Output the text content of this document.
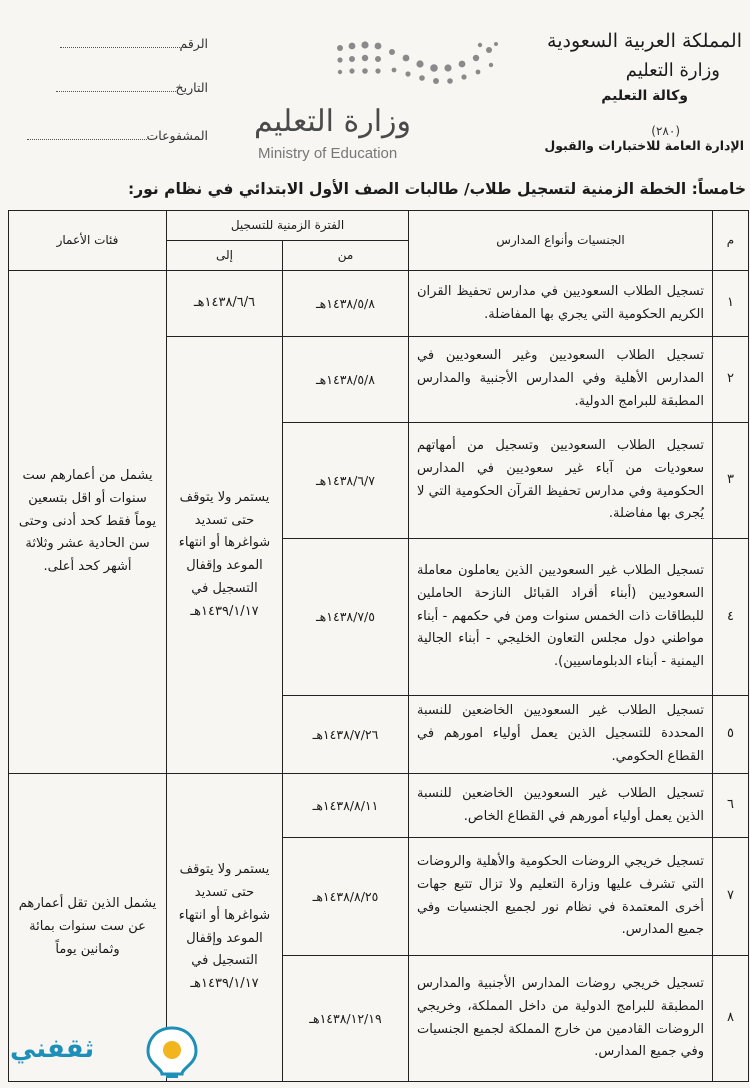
المملكة العربية السعودية
وزارة التعليم
وكالة التعليم
(٢٨٠)
الإدارة العامة للاختبارات والقبول
وزارة التعليم
Ministry of Education
الرقم
التاريخ
المشفوعات
خامساً: الخطة الزمنية لتسجيل طلاب/ طالبات الصف الأول الابتدائي في نظام نور:
م	الجنسيات وأنواع المدارس	الفترة الزمنية للتسجيل		فئات الأعمار
		من	إلى	
١	تسجيل الطلاب السعوديين في مدارس تحفيظ القران الكريم الحكومية التي يجري بها المفاضلة.	١٤٣٨/٥/٨هـ	١٤٣٨/٦/٦هـ	يشمل من أعمارهم ست سنوات أو اقل بتسعين يوماً فقط كحد أدنى وحتى سن الحادية عشر وثلاثة أشهر كحد أعلى.
٢	تسجيل الطلاب السعوديين وغير السعوديين في المدارس الأهلية وفي المدارس الأجنبية والمدارس المطبقة للبرامج الدولية.	١٤٣٨/٥/٨هـ	يستمر ولا يتوقف حتى تسديد شواغرها أو انتهاء الموعد وإقفال التسجيل في ١٤٣٩/١/١٧هـ	
٣	تسجيل الطلاب السعوديين وتسجيل من أمهاتهم سعوديات من آباء غير سعوديين في المدارس الحكومية وفي مدارس تحفيظ القرآن الحكومية التي لا يُجرى بها مفاضلة.	١٤٣٨/٦/٧هـ		
٤	تسجيل الطلاب غير السعوديين الذين يعاملون معاملة السعوديين (أبناء أفراد القبائل النازحة الحاملين للبطاقات ذات الخمس سنوات ومن في حكمهم - أبناء مواطني دول مجلس التعاون الخليجي - أبناء الجالية اليمنية - أبناء الدبلوماسيين).	١٤٣٨/٧/٥هـ		
٥	تسجيل الطلاب غير السعوديين الخاضعين للنسبة المحددة للتسجيل الذين يعمل أولياء امورهم في القطاع الحكومي.	١٤٣٨/٧/٢٦هـ		
٦	تسجيل الطلاب غير السعوديين الخاضعين للنسبة الذين يعمل أولياء أمورهم في القطاع الخاص.	١٤٣٨/٨/١١هـ	يستمر ولا يتوقف حتى تسديد شواغرها أو انتهاء الموعد وإقفال التسجيل في ١٤٣٩/١/١٧هـ	يشمل الذين تقل أعمارهم عن ست سنوات بمائة وثمانين يوماً
٧	تسجيل خريجي الروضات الحكومية والأهلية والروضات التي تشرف عليها وزارة التعليم ولا تزال تتبع جهات أخرى المعتمدة في نظام نور لجميع الجنسيات وفي جميع المدارس.	١٤٣٨/٨/٢٥هـ		
٨	تسجيل خريجي روضات المدارس الأجنبية والمدارس المطبقة للبرامج الدولية من داخل المملكة، وخريجي الروضات القادمين من خارج المملكة لجميع الجنسيات وفي جميع المدارس.	١٤٣٨/١٢/١٩هـ		
ثقفني
